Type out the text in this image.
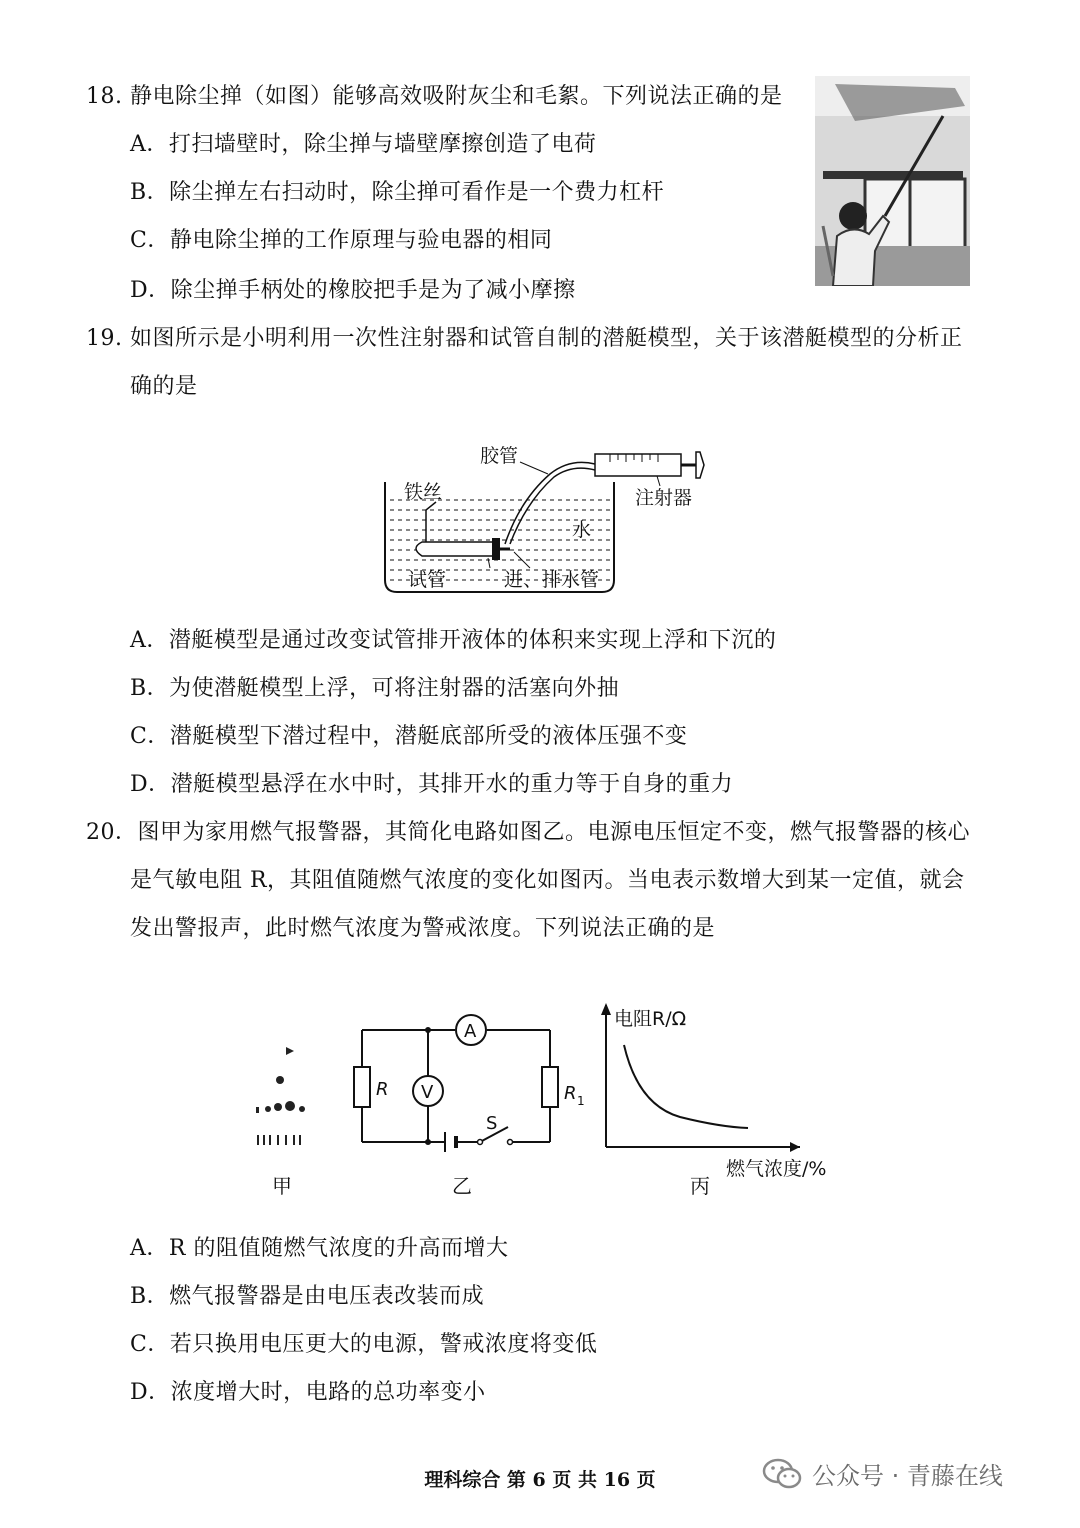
18. 静电除尘掸（如图）能够高效吸附灰尘和毛絮。下列说法正确的是
A．打扫墙壁时，除尘掸与墙壁摩擦创造了电荷
B．除尘掸左右扫动时，除尘掸可看作是一个费力杠杆
C．静电除尘掸的工作原理与验电器的相同
D．除尘掸手柄处的橡胶把手是为了减小摩擦
19. 如图所示是小明利用一次性注射器和试管自制的潜艇模型，关于该潜艇模型的分析正
确的是
胶管
注射器
铁丝
水
试管	进、排水管
A．潜艇模型是通过改变试管排开液体的体积来实现上浮和下沉的
B．为使潜艇模型上浮，可将注射器的活塞向外抽
C．潜艇模型下潜过程中，潜艇底部所受的液体压强不变
D．潜艇模型悬浮在水中时，其排开水的重力等于自身的重力
20．图甲为家用燃气报警器，其简化电路如图乙。电源电压恒定不变，燃气报警器的核心
是气敏电阻 R，其阻值随燃气浓度的变化如图丙。当电表示数增大到某一定值，就会
发出警报声，此时燃气浓度为警戒浓度。下列说法正确的是
甲
A
V
R	R 1
S
乙
电阻R/Ω
燃气浓度/%
丙
A．R 的阻值随燃气浓度的升高而增大
B．燃气报警器是由电压表改装而成
C．若只换用电压更大的电源，警戒浓度将变低
D．浓度增大时，电路的总功率变小
理科综合 第 6 页 共 16 页	公众号 · 青藤在线
